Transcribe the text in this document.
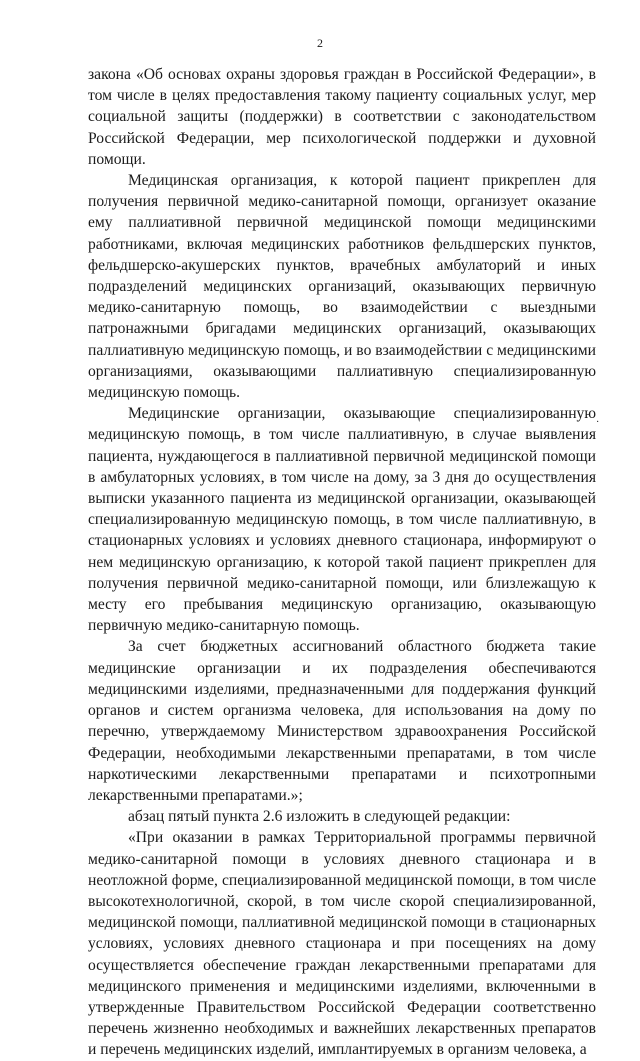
2

закона «Об основах охраны здоровья граждан в Российской Федерации», в том числе в целях предоставления такому пациенту социальных услуг, мер социальной защиты (поддержки) в соответствии с законодательством Российской Федерации, мер психологической поддержки и духовной помощи.

Медицинская организация, к которой пациент прикреплен для получения первичной медико-санитарной помощи, организует оказание ему паллиативной первичной медицинской помощи медицинскими работниками, включая медицинских работников фельдшерских пунктов, фельдшерско-акушерских пунктов, врачебных амбулаторий и иных подразделений медицинских организаций, оказывающих первичную медико-санитарную помощь, во взаимодействии с выездными патронажными бригадами медицинских организаций, оказывающих паллиативную медицинскую помощь, и во взаимодействии с медицинскими организациями, оказывающими паллиативную специализированную медицинскую помощь.

Медицинские организации, оказывающие специализированную медицинскую помощь, в том числе паллиативную, в случае выявления пациента, нуждающегося в паллиативной первичной медицинской помощи в амбулаторных условиях, в том числе на дому, за 3 дня до осуществления выписки указанного пациента из медицинской организации, оказывающей специализированную медицинскую помощь, в том числе паллиативную, в стационарных условиях и условиях дневного стационара, информируют о нем медицинскую организацию, к которой такой пациент прикреплен для получения первичной медико-санитарной помощи, или близлежащую к месту его пребывания медицинскую организацию, оказывающую первичную медико-санитарную помощь.

За счет бюджетных ассигнований областного бюджета такие медицинские организации и их подразделения обеспечиваются медицинскими изделиями, предназначенными для поддержания функций органов и систем организма человека, для использования на дому по перечню, утверждаемому Министерством здравоохранения Российской Федерации, необходимыми лекарственными препаратами, в том числе наркотическими лекарственными препаратами и психотропными лекарственными препаратами.»;

абзац пятый пункта 2.6 изложить в следующей редакции:

«При оказании в рамках Территориальной программы первичной медико-санитарной помощи в условиях дневного стационара и в неотложной форме, специализированной медицинской помощи, в том числе высокотехнологичной, скорой, в том числе скорой специализированной, медицинской помощи, паллиативной медицинской помощи в стационарных условиях, условиях дневного стационара и при посещениях на дому осуществляется обеспечение граждан лекарственными препаратами для медицинского применения и медицинскими изделиями, включенными в утвержденные Правительством Российской Федерации соответственно перечень жизненно необходимых и важнейших лекарственных препаратов и перечень медицинских изделий, имплантируемых в организм человека, а

·
